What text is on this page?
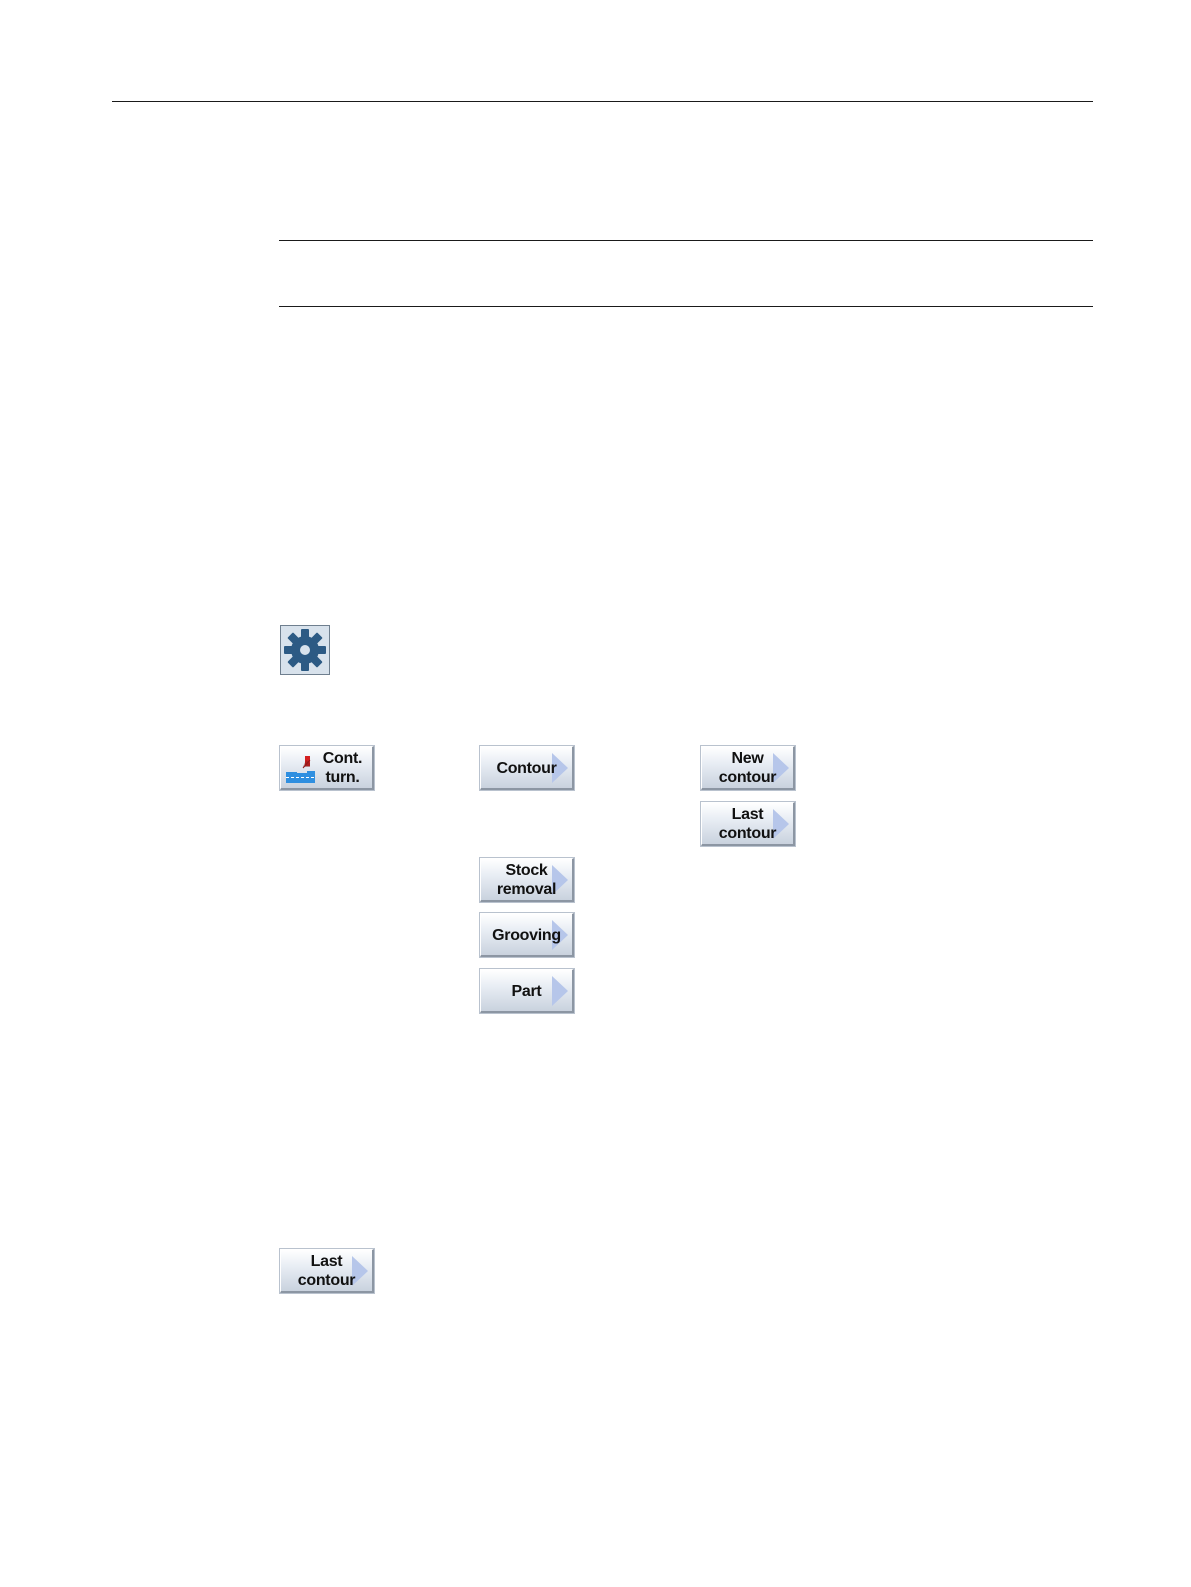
Cont.
turn.
Contour
New
contour
Last
contour
Stock
removal
Grooving
Part
Last
contour
